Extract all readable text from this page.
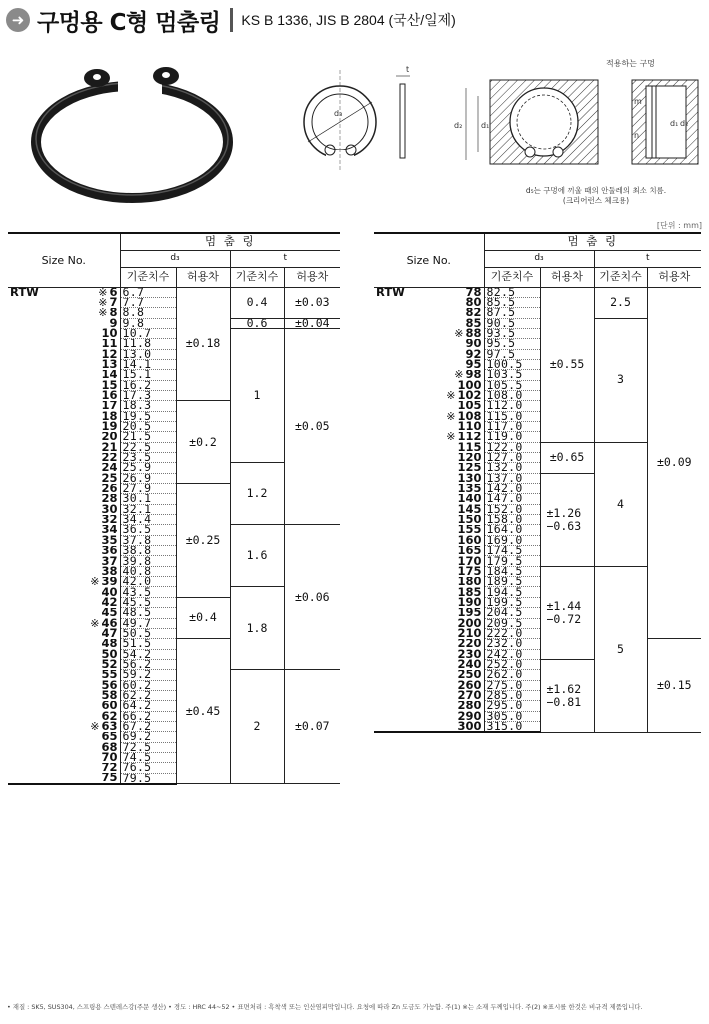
➜ 구멍용 C형 멈춤링 KS B 1336, JIS B 2804 (국산/일제)
d₃
t
적용하는 구멍
d₂ d₁
m
n
d₁ d₂
d₅는 구멍에 끼울 때의 안둘레의 최소 치름.
(크리어런스 체크용)
[단위 : mm]
Size No.		멈 춤 링			
		d₃		t	
		기준치수	허용차	기준치수	허용차
RTW	※ 6	6.7	±0.18	0.4	±0.03
	※ 7	7.7			
	※ 8	8.8			
	9	9.8		0.6	±0.04
	10	10.7		1	±0.05
	11	11.8			
	12	13.0			
	13	14.1			
	14	15.1			
	15	16.2			
	16	17.3			
	17	18.3	±0.2		
	18	19.5			
	19	20.5			
	20	21.5			
	21	22.5			
	22	23.5			
	24	25.9		1.2	
	25	26.9			
	26	27.9	±0.25		
	28	30.1			
	30	32.1			
	32	34.4			
	34	36.5		1.6	±0.06
	35	37.8			
	36	38.8			
	37	39.8			
	38	40.8			
	※ 39	42.0			
	40	43.5		1.8	
	42	45.5	±0.4		
	45	48.5			
	※ 46	49.7			
	47	50.5			
	48	51.5	±0.45		
	50	54.2			
	52	56.2			
	55	59.2		2	±0.07
	56	60.2			
	58	62.2			
	60	64.2			
	62	66.2			
	※ 63	67.2			
	65	69.2			
	68	72.5			
	70	74.5			
	72	76.5			
	75	79.5			
Size No.		멈 춤 링			
		d₃		t	
		기준치수	허용차	기준치수	허용차
RTW	78	82.5	±0.55	2.5	±0.09
	80	85.5			
	82	87.5			
	85	90.5		3	
	※ 88	93.5			
	90	95.5			
	92	97.5			
	95	100.5			
	※ 98	103.5			
	100	105.5			
	※ 102	108.0			
	105	112.0			
	※ 108	115.0			
	110	117.0			
	※ 112	119.0			
	115	122.0	±0.65	4	
	120	127.0			
	125	132.0			
	130	137.0	±1.26
−0.63		
	135	142.0			
	140	147.0			
	145	152.0			
	150	158.0			
	155	164.0			
	160	169.0			
	165	174.5			
	170	179.5			
	175	184.5	±1.44
−0.72	5	
	180	189.5			
	185	194.5			
	190	199.5			
	195	204.5			
	200	209.5			
	210	222.0			
	220	232.0			±0.15
	230	242.0			
	240	252.0	±1.62
−0.81		
	250	262.0			
	260	275.0			
	270	285.0			
	280	295.0			
	290	305.0			
	300	315.0			
• 재질 : SK5, SUS304, 스프링용 스텐레스강(주문 생산) • 경도 : HRC 44~52 • 표면처리 : 흑착색 또는 인산염피막입니다. 요청에 따라 Zn 도금도 가능함. 주(1) ※는 소재 두께입니다. 주(2) ※표시를 한것은 비규격 제품입니다.
